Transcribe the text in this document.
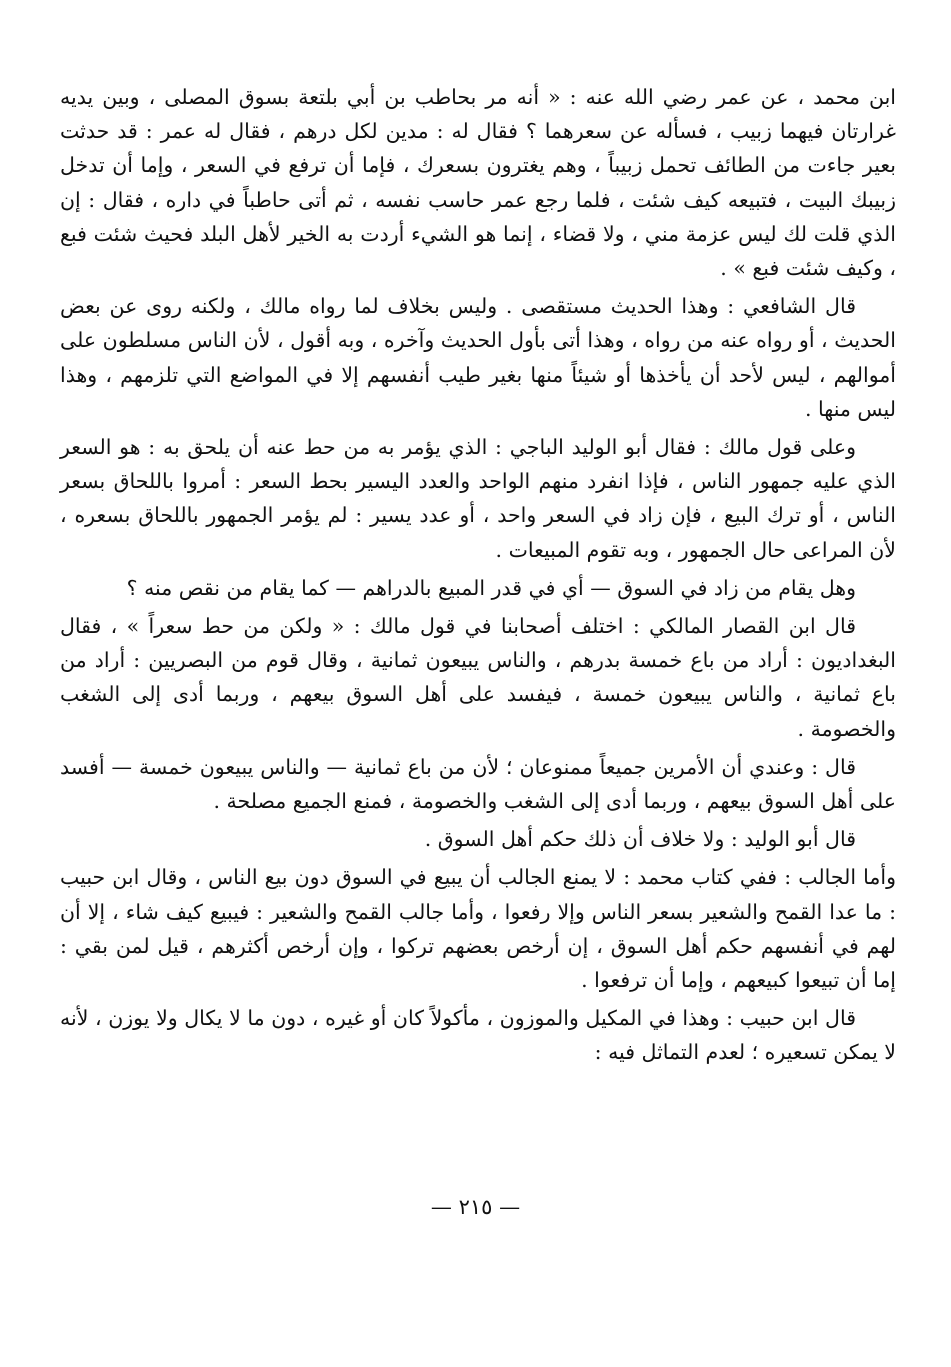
ابن محمد ، عن عمر رضي الله عنه : « أنه مر بحاطب بن أبي بلتعة بسوق المصلى ، وبين يديه غرارتان فيهما زبيب ، فسأله عن سعرهما ؟ فقال له : مدين لكل درهم ، فقال له عمر : قد حدثت بعير جاءت من الطائف تحمل زبيباً ، وهم يغترون بسعرك ، فإما أن ترفع في السعر ، وإما أن تدخل زبيبك البيت ، فتبيعه كيف شئت ، فلما رجع عمر حاسب نفسه ، ثم أتى حاطباً في داره ، فقال : إن الذي قلت لك ليس عزمة مني ، ولا قضاء ، إنما هو الشيء أردت به الخير لأهل البلد فحيث شئت فبع ، وكيف شئت فبع » .

قال الشافعي : وهذا الحديث مستقصى . وليس بخلاف لما رواه مالك ، ولكنه روى عن بعض الحديث ، أو رواه عنه من رواه ، وهذا أتى بأول الحديث وآخره ، وبه أقول ، لأن الناس مسلطون على أموالهم ، ليس لأحد أن يأخذها أو شيئاً منها بغير طيب أنفسهم إلا في المواضع التي تلزمهم ، وهذا ليس منها .

وعلى قول مالك : فقال أبو الوليد الباجي : الذي يؤمر به من حط عنه أن يلحق به : هو السعر الذي عليه جمهور الناس ، فإذا انفرد منهم الواحد والعدد اليسير بحط السعر : أمروا باللحاق بسعر الناس ، أو ترك البيع ، فإن زاد في السعر واحد ، أو عدد يسير : لم يؤمر الجمهور باللحاق بسعره ، لأن المراعى حال الجمهور ، وبه تقوم المبيعات .

وهل يقام من زاد في السوق — أي في قدر المبيع بالدراهم — كما يقام من نقص منه ؟

قال ابن القصار المالكي : اختلف أصحابنا في قول مالك : « ولكن من حط سعراً » ، فقال البغداديون : أراد من باع خمسة بدرهم ، والناس يبيعون ثمانية ، وقال قوم من البصريين : أراد من باع ثمانية ، والناس يبيعون خمسة ، فيفسد على أهل السوق بيعهم ، وربما أدى إلى الشغب والخصومة .

قال : وعندي أن الأمرين جميعاً ممنوعان ؛ لأن من باع ثمانية — والناس يبيعون خمسة — أفسد على أهل السوق بيعهم ، وربما أدى إلى الشغب والخصومة ، فمنع الجميع مصلحة .

قال أبو الوليد : ولا خلاف أن ذلك حكم أهل السوق .

وأما الجالب : ففي كتاب محمد : لا يمنع الجالب أن يبيع في السوق دون بيع الناس ، وقال ابن حبيب : ما عدا القمح والشعير بسعر الناس وإلا رفعوا ، وأما جالب القمح والشعير : فيبيع كيف شاء ، إلا أن لهم في أنفسهم حكم أهل السوق ، إن أرخص بعضهم تركوا ، وإن أرخص أكثرهم ، قيل لمن بقي : إما أن تبيعوا كبيعهم ، وإما أن ترفعوا .

قال ابن حبيب : وهذا في المكيل والموزون ، مأكولاً كان أو غيره ، دون ما لا يكال ولا يوزن ، لأنه لا يمكن تسعيره ؛ لعدم التماثل فيه :

— ٢١٥ —
